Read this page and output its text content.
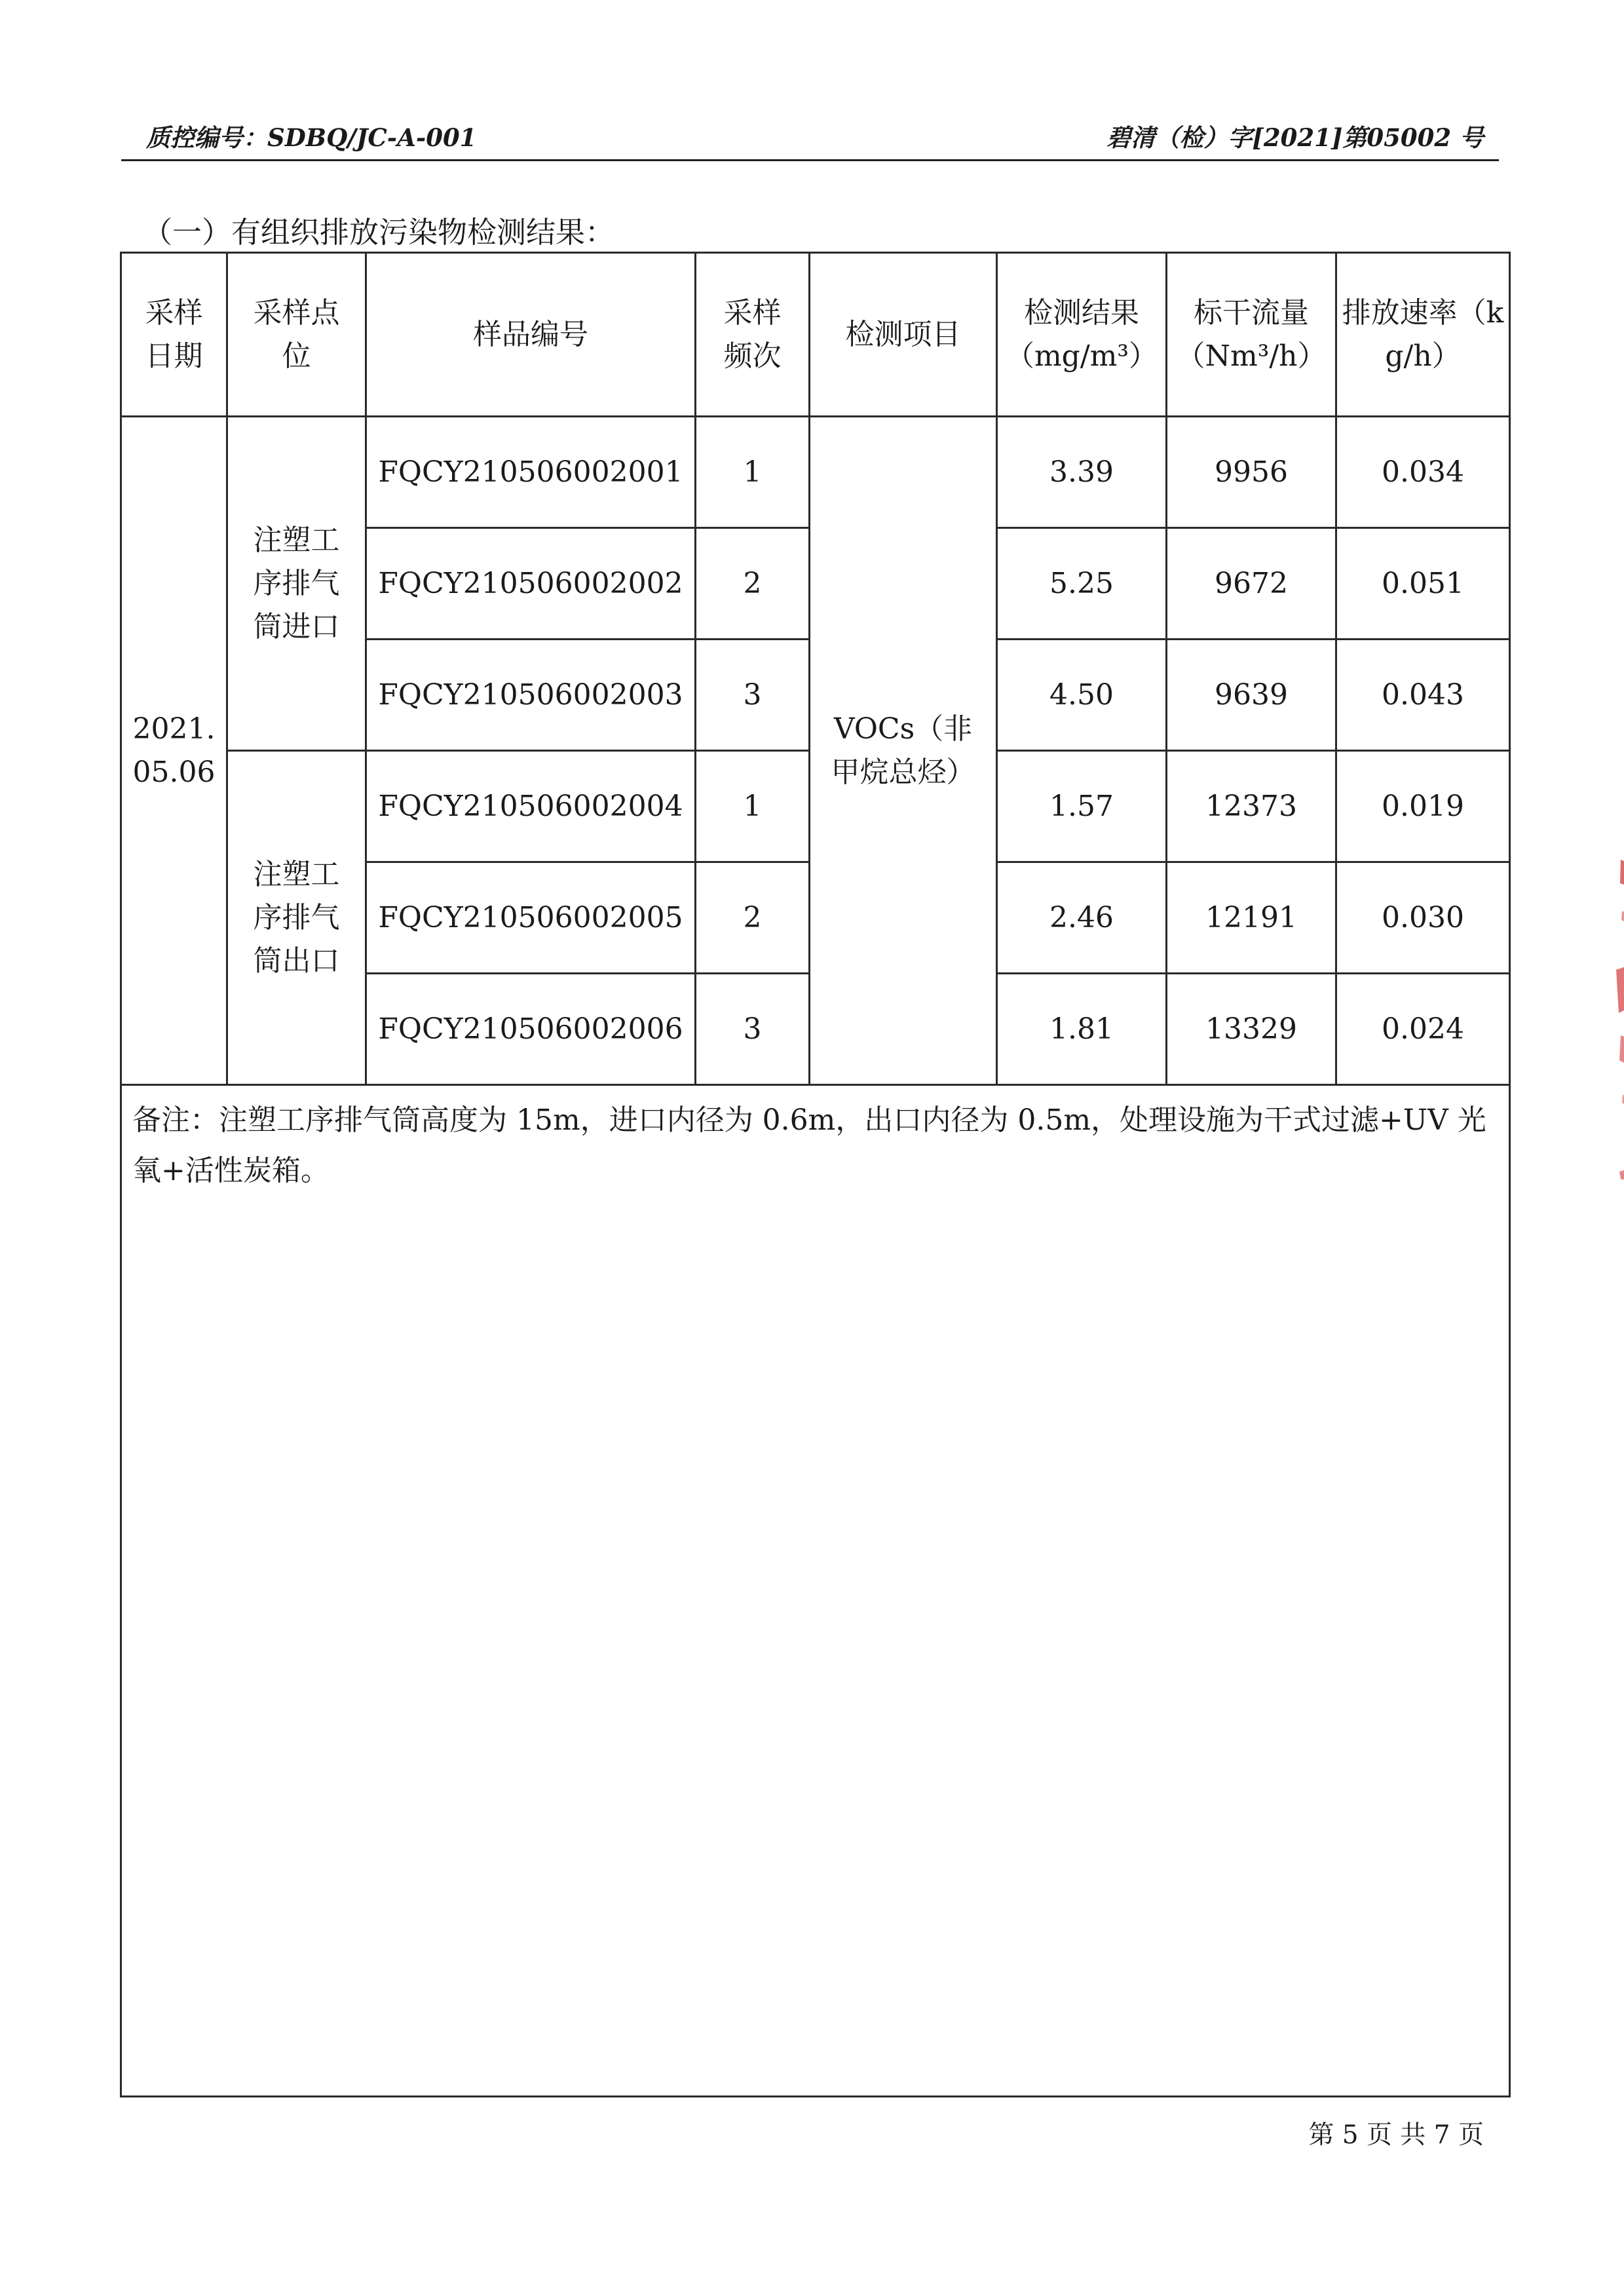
质控编号：SDBQ/JC-A-001	碧清（检）字[2021]第05002 号
（一）有组织排放污染物检测结果：
采样日期	采样点位	样品编号	采样频次	检测项目	检测结果（mg/m³）	标干流量（Nm³/h）	排放速率（kg/h）
2021.05.06	注塑工序排气筒进口	FQCY210506002001	1	VOCs（非甲烷总烃）	3.39	9956	0.034
		FQCY210506002002	2		5.25	9672	0.051
		FQCY210506002003	3		4.50	9639	0.043
	注塑工序排气筒出口	FQCY210506002004	1		1.57	12373	0.019
		FQCY210506002005	2		2.46	12191	0.030
		FQCY210506002006	3		1.81	13329	0.024
备注：注塑工序排气筒高度为 15m，进口内径为 0.6m，出口内径为 0.5m，处理设施为干式过滤+UV 光氧+活性炭箱。							
第 5 页 共 7 页
